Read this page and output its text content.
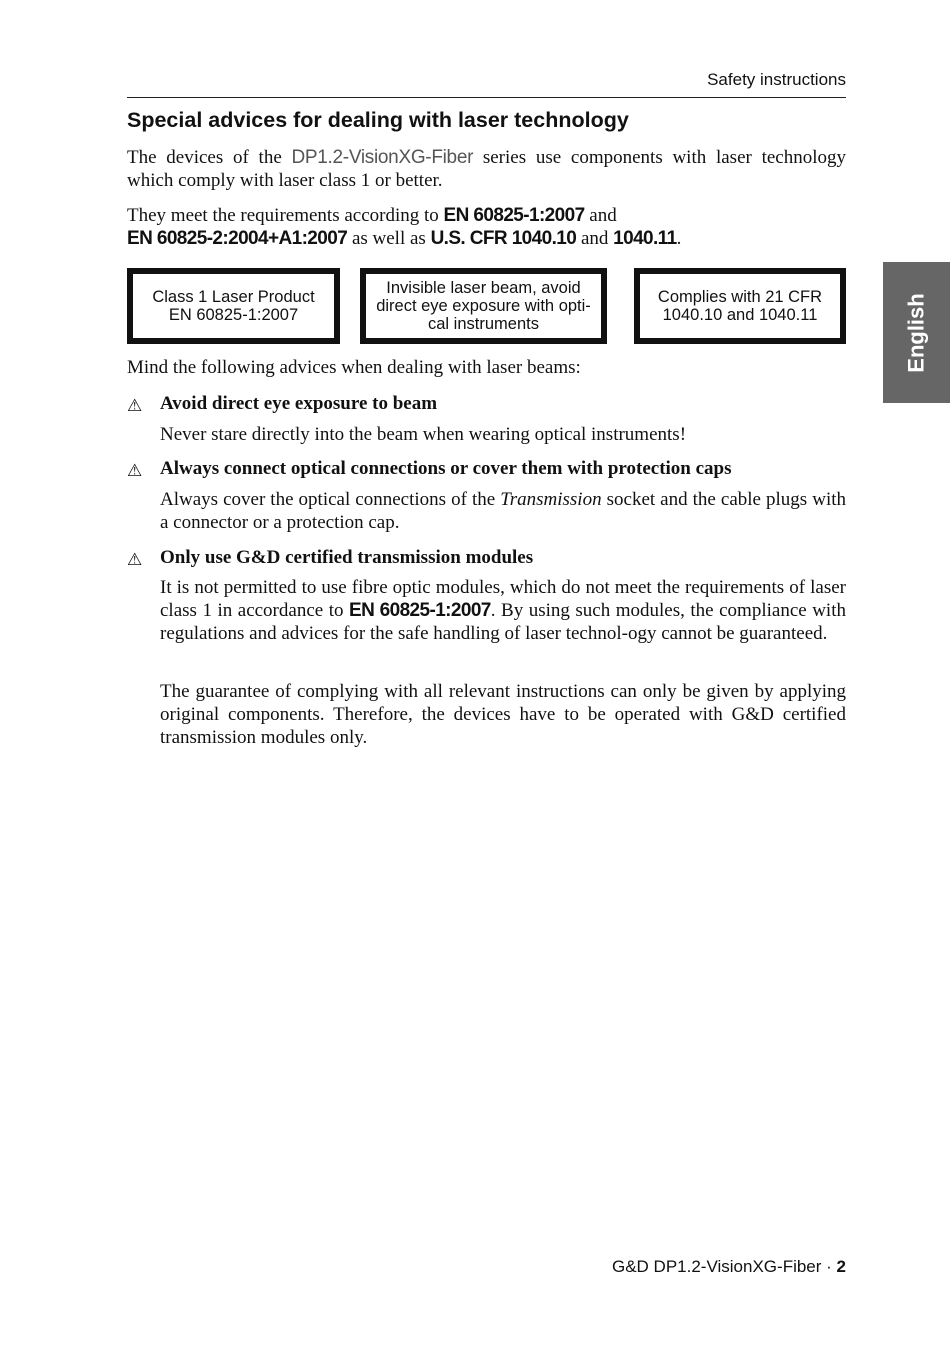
Safety instructions
Special advices for dealing with laser technology

The devices of the DP1.2-VisionXG-Fiber series use components with laser technology which comply with laser class 1 or better.

They meet the requirements according to EN 60825-1:2007 and
EN 60825-2:2004+A1:2007 as well as U.S. CFR 1040.10 and 1040.11.

Class 1 Laser Product
EN 60825-1:2007
Invisible laser beam, avoid
direct eye exposure with opti-
cal instruments
Complies with 21 CFR
1040.10 and 1040.11

Mind the following advices when dealing with laser beams:

⚠ Avoid direct eye exposure to beam

Never stare directly into the beam when wearing optical instruments!

⚠ Always connect optical connections or cover them with protection caps

Always cover the optical connections of the Transmission socket and the cable plugs with a connector or a protection cap.

⚠ Only use G&D certified transmission modules

It is not permitted to use fibre optic modules, which do not meet the requirements of laser class 1 in accordance to EN 60825-1:2007. By using such modules, the compliance with regulations and advices for the safe handling of laser technol-ogy cannot be guaranteed.

The guarantee of complying with all relevant instructions can only be given by applying original components. Therefore, the devices have to be operated with G&D certified transmission modules only.

English
G&D DP1.2-VisionXG-Fiber · 2
